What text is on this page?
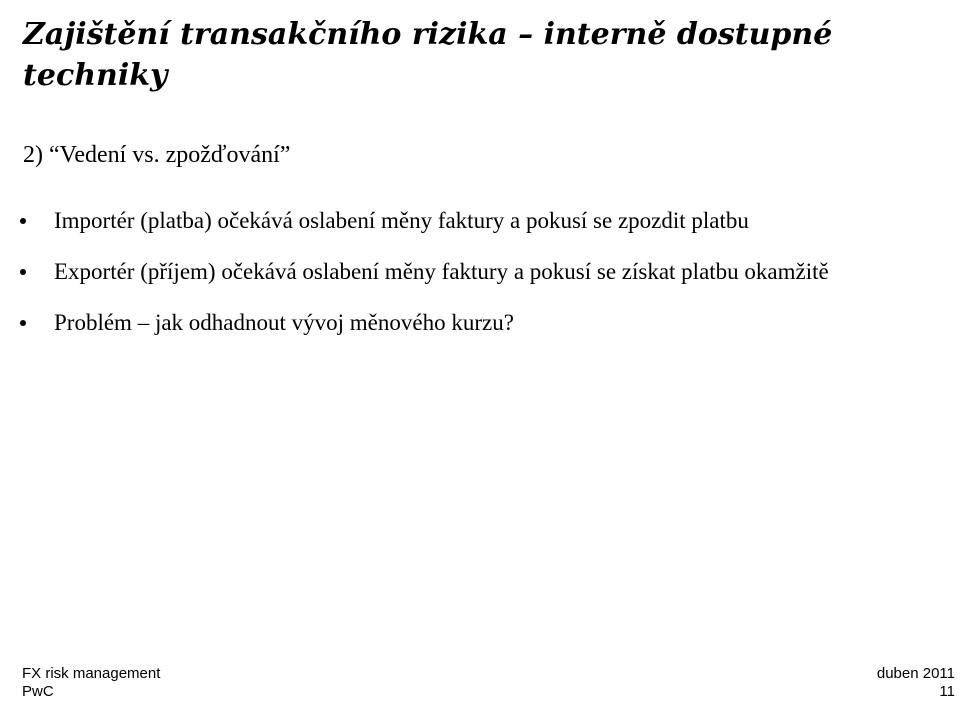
Zajištění transakčního rizika – interně dostupné techniky
2) “Vedení vs. zpožďování”
Importér (platba) očekává oslabení měny faktury a pokusí se zpozdit platbu
Exportér (příjem) očekává oslabení měny faktury a pokusí se získat platbu okamžitě
Problém – jak odhadnout vývoj měnového kurzu?
FX risk management
PwC
duben 2011
11
